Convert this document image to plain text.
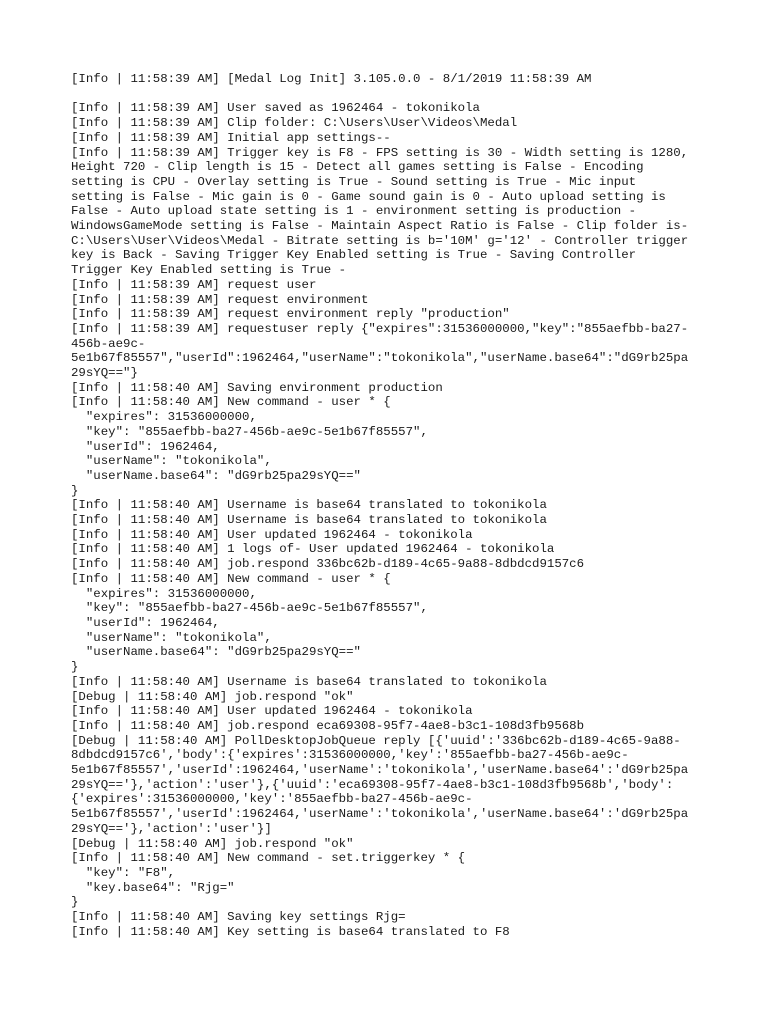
[Info | 11:58:39 AM] [Medal Log Init] 3.105.0.0 - 8/1/2019 11:58:39 AM
[Info | 11:58:39 AM] User saved as 1962464 - tokonikola
[Info | 11:58:39 AM] Clip folder: C:\Users\User\Videos\Medal
[Info | 11:58:39 AM] Initial app settings--
[Info | 11:58:39 AM] Trigger key is F8 - FPS setting is 30 - Width setting is 1280,
Height 720 - Clip length is 15 - Detect all games setting is False - Encoding
setting is CPU - Overlay setting is True - Sound setting is True - Mic input
setting is False - Mic gain is 0 - Game sound gain is 0 - Auto upload setting is
False - Auto upload state setting is 1 - environment setting is production -
WindowsGameMode setting is False - Maintain Aspect Ratio is False - Clip folder is-
C:\Users\User\Videos\Medal - Bitrate setting is b='10M' g='12' - Controller trigger
key is Back - Saving Trigger Key Enabled setting is True - Saving Controller
Trigger Key Enabled setting is True -
[Info | 11:58:39 AM] request user
[Info | 11:58:39 AM] request environment
[Info | 11:58:39 AM] request environment reply "production"
[Info | 11:58:39 AM] requestuser reply {"expires":31536000000,"key":"855aefbb-ba27-
456b-ae9c-
5e1b67f85557","userId":1962464,"userName":"tokonikola","userName.base64":"dG9rb25pa
29sYQ=="}
[Info | 11:58:40 AM] Saving environment production
[Info | 11:58:40 AM] New command - user * {
"expires": 31536000000,
"key": "855aefbb-ba27-456b-ae9c-5e1b67f85557",
"userId": 1962464,
"userName": "tokonikola",
"userName.base64": "dG9rb25pa29sYQ=="
}
[Info | 11:58:40 AM] Username is base64 translated to tokonikola
[Info | 11:58:40 AM] Username is base64 translated to tokonikola
[Info | 11:58:40 AM] User updated 1962464 - tokonikola
[Info | 11:58:40 AM] 1 logs of- User updated 1962464 - tokonikola
[Info | 11:58:40 AM] job.respond 336bc62b-d189-4c65-9a88-8dbdcd9157c6
[Info | 11:58:40 AM] New command - user * {
"expires": 31536000000,
"key": "855aefbb-ba27-456b-ae9c-5e1b67f85557",
"userId": 1962464,
"userName": "tokonikola",
"userName.base64": "dG9rb25pa29sYQ=="
}
[Info | 11:58:40 AM] Username is base64 translated to tokonikola
[Debug | 11:58:40 AM] job.respond "ok"
[Info | 11:58:40 AM] User updated 1962464 - tokonikola
[Info | 11:58:40 AM] job.respond eca69308-95f7-4ae8-b3c1-108d3fb9568b
[Debug | 11:58:40 AM] PollDesktopJobQueue reply [{'uuid':'336bc62b-d189-4c65-9a88-
8dbdcd9157c6','body':{'expires':31536000000,'key':'855aefbb-ba27-456b-ae9c-
5e1b67f85557','userId':1962464,'userName':'tokonikola','userName.base64':'dG9rb25pa
29sYQ=='},'action':'user'},{'uuid':'eca69308-95f7-4ae8-b3c1-108d3fb9568b','body':
{'expires':31536000000,'key':'855aefbb-ba27-456b-ae9c-
5e1b67f85557','userId':1962464,'userName':'tokonikola','userName.base64':'dG9rb25pa
29sYQ=='},'action':'user'}]
[Debug | 11:58:40 AM] job.respond "ok"
[Info | 11:58:40 AM] New command - set.triggerkey * {
"key": "F8",
"key.base64": "Rjg="
}
[Info | 11:58:40 AM] Saving key settings Rjg=
[Info | 11:58:40 AM] Key setting is base64 translated to F8
